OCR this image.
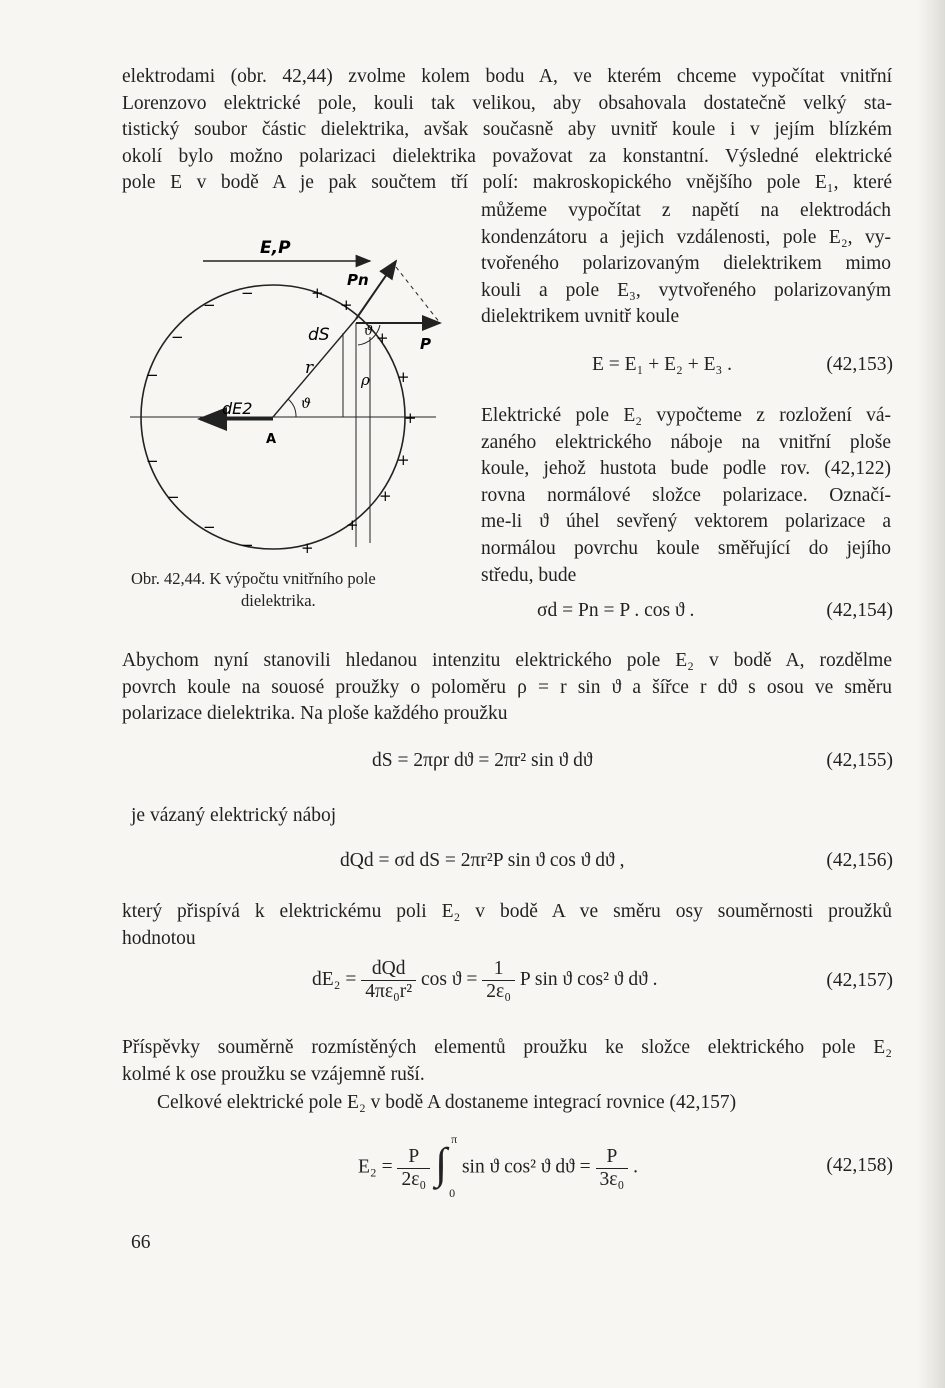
elektrodami (obr. 42,44) zvolme kolem bodu A, ve kterém chceme vypočítat vnitřní
Lorenzovo elektrické pole, kouli tak velikou, aby obsahovala dostatečně velký sta-
tistický soubor částic dielektrika, avšak současně aby uvnitř koule i v jejím blízkém
okolí bylo možno polarizaci dielektrika považovat za konstantní. Výsledné elektrické
pole E v bodě A je pak součtem tří polí: makroskopického vnějšího pole E₁, které
můžeme vypočítat z napětí na elektrodách
kondenzátoru a jejich vzdálenosti, pole E₂, vy-
tvořeného polarizovaným dielektrikem mimo
kouli a pole E₃, vytvořeného polarizovaným
dielektrikem uvnitř koule
E = E₁ + E₂ + E₃ .	(42,153)
Elektrické pole E₂ vypočteme z rozložení vá-
zaného elektrického náboje na vnitřní ploše
koule, jehož hustota bude podle rov. (42,122)
rovna normálové složce polarizace. Označí-
me-li ϑ úhel sevřený vektorem polarizace a
normálou povrchu koule směřující do jejího
středu, bude
σd = Pn = P . cos ϑ .	(42,154)
E,P
Pn
P
dS
r
ρ
ϑ
ϑ
dE2
A
+
+
+
+
+
+
+
+
+
−
−
−
−
−
−
−
−
Obr. 42,44. K výpočtu vnitřního pole
dielektrika.
Abychom nyní stanovili hledanou intenzitu elektrického pole E₂ v bodě A, rozdělme
povrch koule na souosé proužky o poloměru ρ = r sin ϑ a šířce r dϑ s osou ve směru
polarizace dielektrika. Na ploše každého proužku
dS = 2πρr dϑ = 2πr² sin ϑ dϑ	(42,155)
je vázaný elektrický náboj
dQd = σd dS = 2πr²P sin ϑ cos ϑ dϑ ,	(42,156)
který přispívá k elektrickému poli E₂ v bodě A ve směru osy souměrnosti proužků
hodnotou
$dE_2 = \frac{\text{dQd}}{\text{4πε₀r²}}$ $\cos ϑ = \frac{1}{\text{2ε₀}}$ P sin ϑ cos² ϑ dϑ .	(42,157)
Příspěvky souměrně rozmístěných elementů proužku ke složce elektrického pole E₂
kolmé k ose proužku se vzájemně ruší.
Celkové elektrické pole E₂ v bodě A dostaneme integrací rovnice (42,157)
$E_2 = \frac{P}{\text{2ε₀}}$
∫ π
0
sin ϑ cos² ϑ $dϑ = \frac{P}{\text{3ε₀}}$ .	(42,158)
66
